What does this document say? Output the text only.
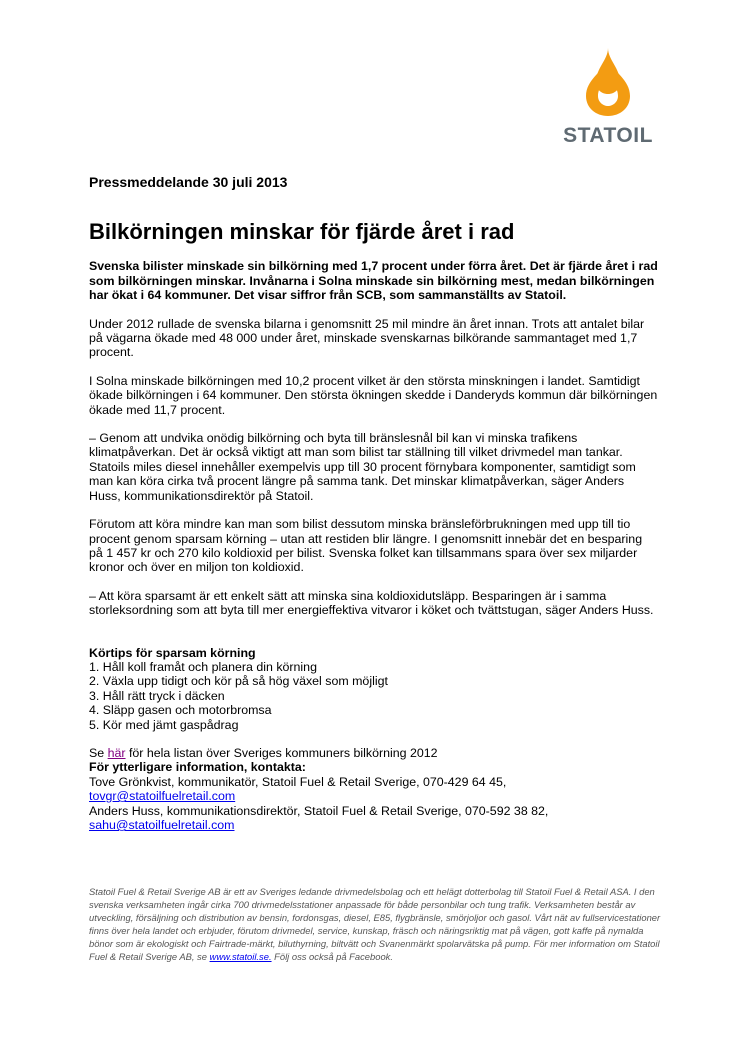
STATOIL

Pressmeddelande 30 juli 2013

Bilkörningen minskar för fjärde året i rad

Svenska bilister minskade sin bilkörning med 1,7 procent under förra året. Det är fjärde året i rad som bilkörningen minskar. Invånarna i Solna minskade sin bilkörning mest, medan bilkörningen har ökat i 64 kommuner. Det visar siffror från SCB, som sammanställts av Statoil.

Under 2012 rullade de svenska bilarna i genomsnitt 25 mil mindre än året innan. Trots att antalet bilar på vägarna ökade med 48 000 under året, minskade svenskarnas bilkörande sammantaget med 1,7 procent.

I Solna minskade bilkörningen med 10,2 procent vilket är den största minskningen i landet. Samtidigt ökade bilkörningen i 64 kommuner. Den största ökningen skedde i Danderyds kommun där bilkörningen ökade med 11,7 procent.

– Genom att undvika onödig bilkörning och byta till bränslesnål bil kan vi minska trafikens klimatpåverkan. Det är också viktigt att man som bilist tar ställning till vilket drivmedel man tankar. Statoils miles diesel innehåller exempelvis upp till 30 procent förnybara komponenter, samtidigt som man kan köra cirka två procent längre på samma tank. Det minskar klimatpåverkan, säger Anders Huss, kommunikationsdirektör på Statoil.

Förutom att köra mindre kan man som bilist dessutom minska bränsleförbrukningen med upp till tio procent genom sparsam körning – utan att restiden blir längre. I genomsnitt innebär det en besparing på 1 457 kr och 270 kilo koldioxid per bilist. Svenska folket kan tillsammans spara över sex miljarder kronor och över en miljon ton koldioxid.

– Att köra sparsamt är ett enkelt sätt att minska sina koldioxidutsläpp. Besparingen är i samma storleksordning som att byta till mer energieffektiva vitvaror i köket och tvättstugan, säger Anders Huss.

Körtips för sparsam körning

1. Håll koll framåt och planera din körning
2. Växla upp tidigt och kör på så hög växel som möjligt
3. Håll rätt tryck i däcken
4. Släpp gasen och motorbromsa
5. Kör med jämt gaspådrag

Se här för hela listan över Sveriges kommuners bilkörning 2012

För ytterligare information, kontakta:

Tove Grönkvist, kommunikatör, Statoil Fuel & Retail Sverige, 070-429 64 45,

tovgr@statoilfuelretail.com

Anders Huss, kommunikationsdirektör, Statoil Fuel & Retail Sverige, 070-592 38 82,

sahu@statoilfuelretail.com

Statoil Fuel & Retail Sverige AB är ett av Sveriges ledande drivmedelsbolag och ett helägt dotterbolag till Statoil Fuel & Retail ASA. I den svenska verksamheten ingår cirka 700 drivmedelsstationer anpassade för både personbilar och tung trafik. Verksamheten består av utveckling, försäljning och distribution av bensin, fordonsgas, diesel, E85, flygbränsle, smörjoljor och gasol. Vårt nät av fullservicestationer finns över hela landet och erbjuder, förutom drivmedel, service, kunskap, fräsch och näringsriktig mat på vägen, gott kaffe på nymalda bönor som är ekologiskt och Fairtrade-märkt, biluthyrning, biltvätt och Svanenmärkt spolarvätska på pump. För mer information om Statoil Fuel & Retail Sverige AB, se www.statoil.se. Följ oss också på Facebook.
